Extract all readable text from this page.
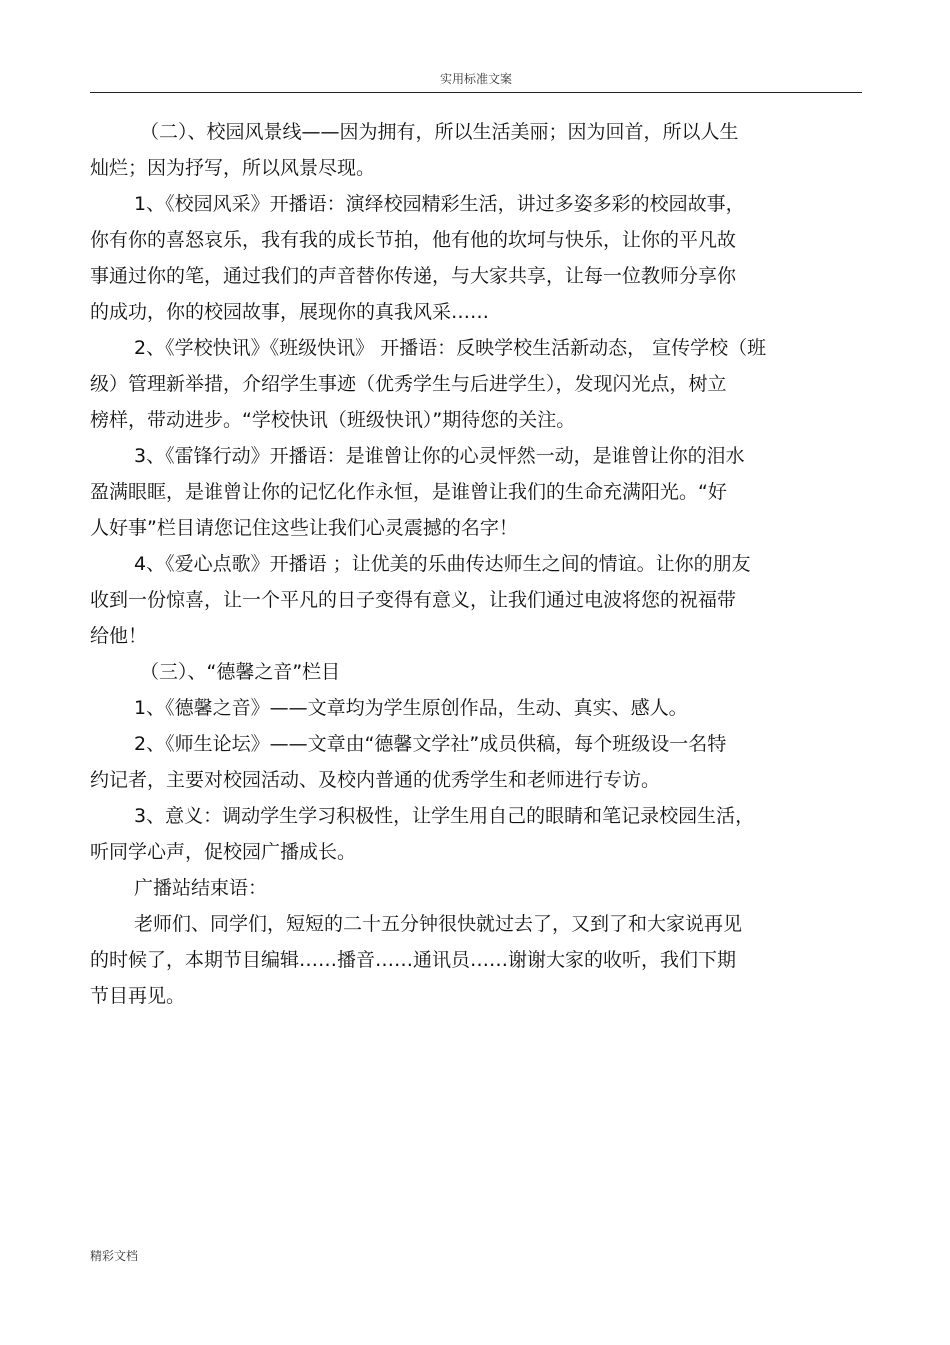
实用标准文案
（二）、校园风景线——因为拥有，所以生活美丽；因为回首，所以人生
灿烂；因为抒写，所以风景尽现。
1、《校园风采》开播语：演绎校园精彩生活，讲过多姿多彩的校园故事，
你有你的喜怒哀乐，我有我的成长节拍，他有他的坎坷与快乐，让你的平凡故
事通过你的笔，通过我们的声音替你传递，与大家共享，让每一位教师分享你
的成功，你的校园故事，展现你的真我风采……
2、《学校快讯》《班级快讯》 开播语：反映学校生活新动态， 宣传学校（班
级）管理新举措，介绍学生事迹（优秀学生与后进学生），发现闪光点，树立
榜样，带动进步。“学校快讯（班级快讯）”期待您的关注。
3、《雷锋行动》开播语：是谁曾让你的心灵怦然一动，是谁曾让你的泪水
盈满眼眶，是谁曾让你的记忆化作永恒，是谁曾让我们的生命充满阳光。“好
人好事”栏目请您记住这些让我们心灵震撼的名字！
4、《爱心点歌》开播语 ；让优美的乐曲传达师生之间的情谊。让你的朋友
收到一份惊喜，让一个平凡的日子变得有意义，让我们通过电波将您的祝福带
给他！
（三）、“德馨之音”栏目
1、《德馨之音》——文章均为学生原创作品，生动、真实、感人。
2、《师生论坛》——文章由“德馨文学社”成员供稿，每个班级设一名特
约记者，主要对校园活动、及校内普通的优秀学生和老师进行专访。
3、意义：调动学生学习积极性，让学生用自己的眼睛和笔记录校园生活，
听同学心声，促校园广播成长。
广播站结束语：
老师们、同学们，短短的二十五分钟很快就过去了，又到了和大家说再见
的时候了，本期节目编辑……播音……通讯员……谢谢大家的收听，我们下期
节目再见。
精彩文档
